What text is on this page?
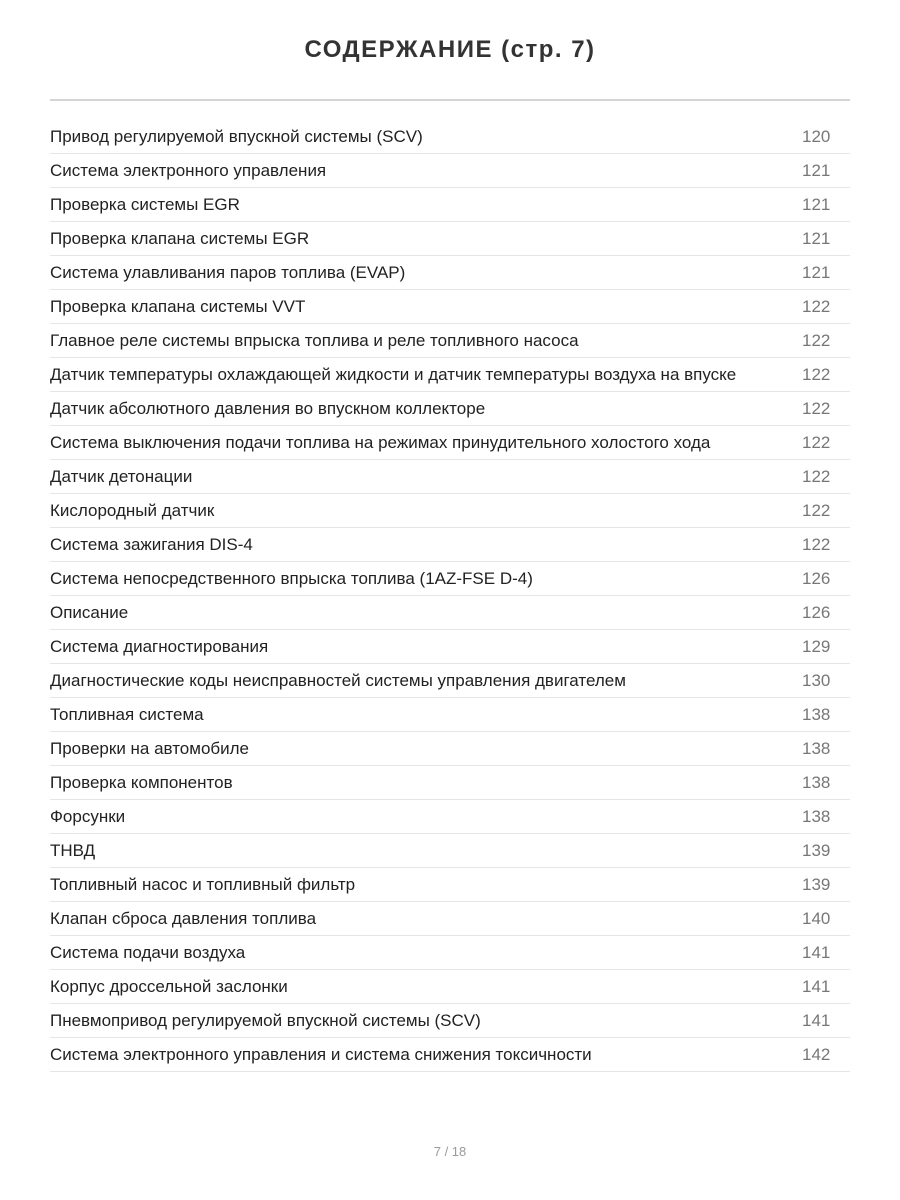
СОДЕРЖАНИЕ (стр. 7)
Привод регулируемой впускной системы (SCV)	120
Система электронного управления	121
Проверка системы EGR	121
Проверка клапана системы EGR	121
Система улавливания паров топлива (EVAP)	121
Проверка клапана системы VVT	122
Главное реле системы впрыска топлива и реле топливного насоса	122
Датчик температуры охлаждающей жидкости и датчик температуры воздуха на впуске	122
Датчик абсолютного давления во впускном коллекторе	122
Система выключения подачи топлива на режимах принудительного холостого хода	122
Датчик детонации	122
Кислородный датчик	122
Система зажигания DIS-4	122
Система непосредственного впрыска топлива (1AZ-FSE D-4)	126
Описание	126
Система диагностирования	129
Диагностические коды неисправностей системы управления двигателем	130
Топливная система	138
Проверки на автомобиле	138
Проверка компонентов	138
Форсунки	138
ТНВД	139
Топливный насос и топливный фильтр	139
Клапан сброса давления топлива	140
Система подачи воздуха	141
Корпус дроссельной заслонки	141
Пневмопривод регулируемой впускной системы (SCV)	141
Система электронного управления и система снижения токсичности	142
7 / 18
